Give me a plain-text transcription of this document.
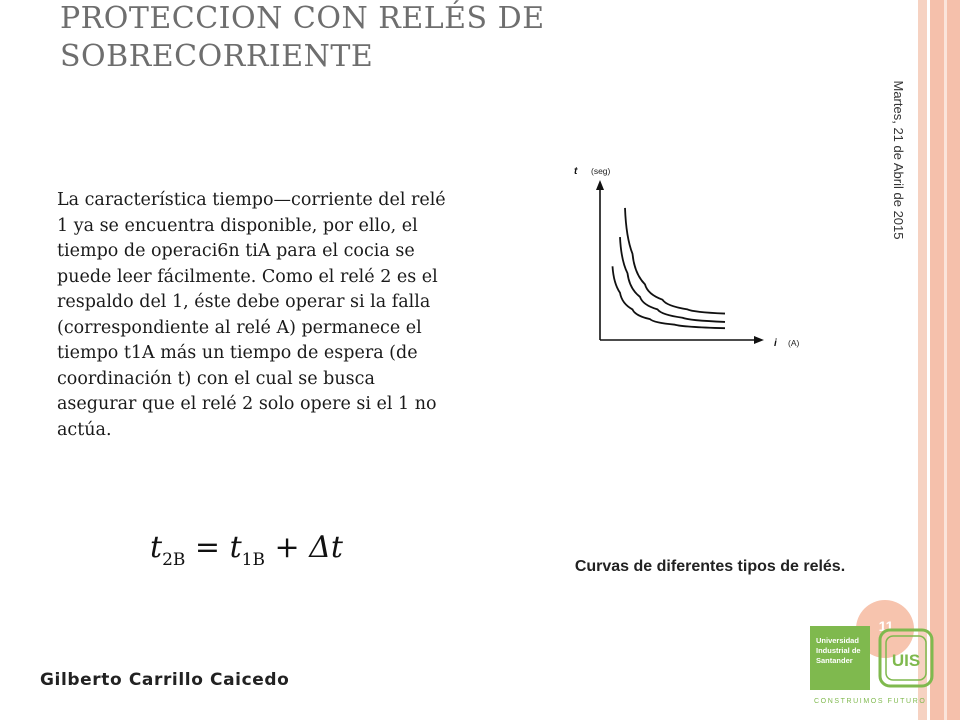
PROTECCION CON RELÉS DE SOBRECORRIENTE
Martes, 21 de Abril de 2015

La característica tiempo—corriente del relé 1 ya se encuentra disponible, por ello, el tiempo de operaci6n tiA para el cocia se puede leer fácilmente. Como el relé 2 es el respaldo del 1, éste debe operar si la falla (correspondiente al relé A) permanece el tiempo t1A más un tiempo de espera (de coordinación t) con el cual se busca asegurar que el relé 2 solo opere si el 1 no actúa.

$t_{2B} = t_{1B} + \Delta t$
t (seg)
i (A)
Curvas de diferentes tipos de relés.
Gilberto Carrillo Caicedo
11
Universidad
Industrial de
Santander	UIS
CONSTRUIMOS FUTURO
